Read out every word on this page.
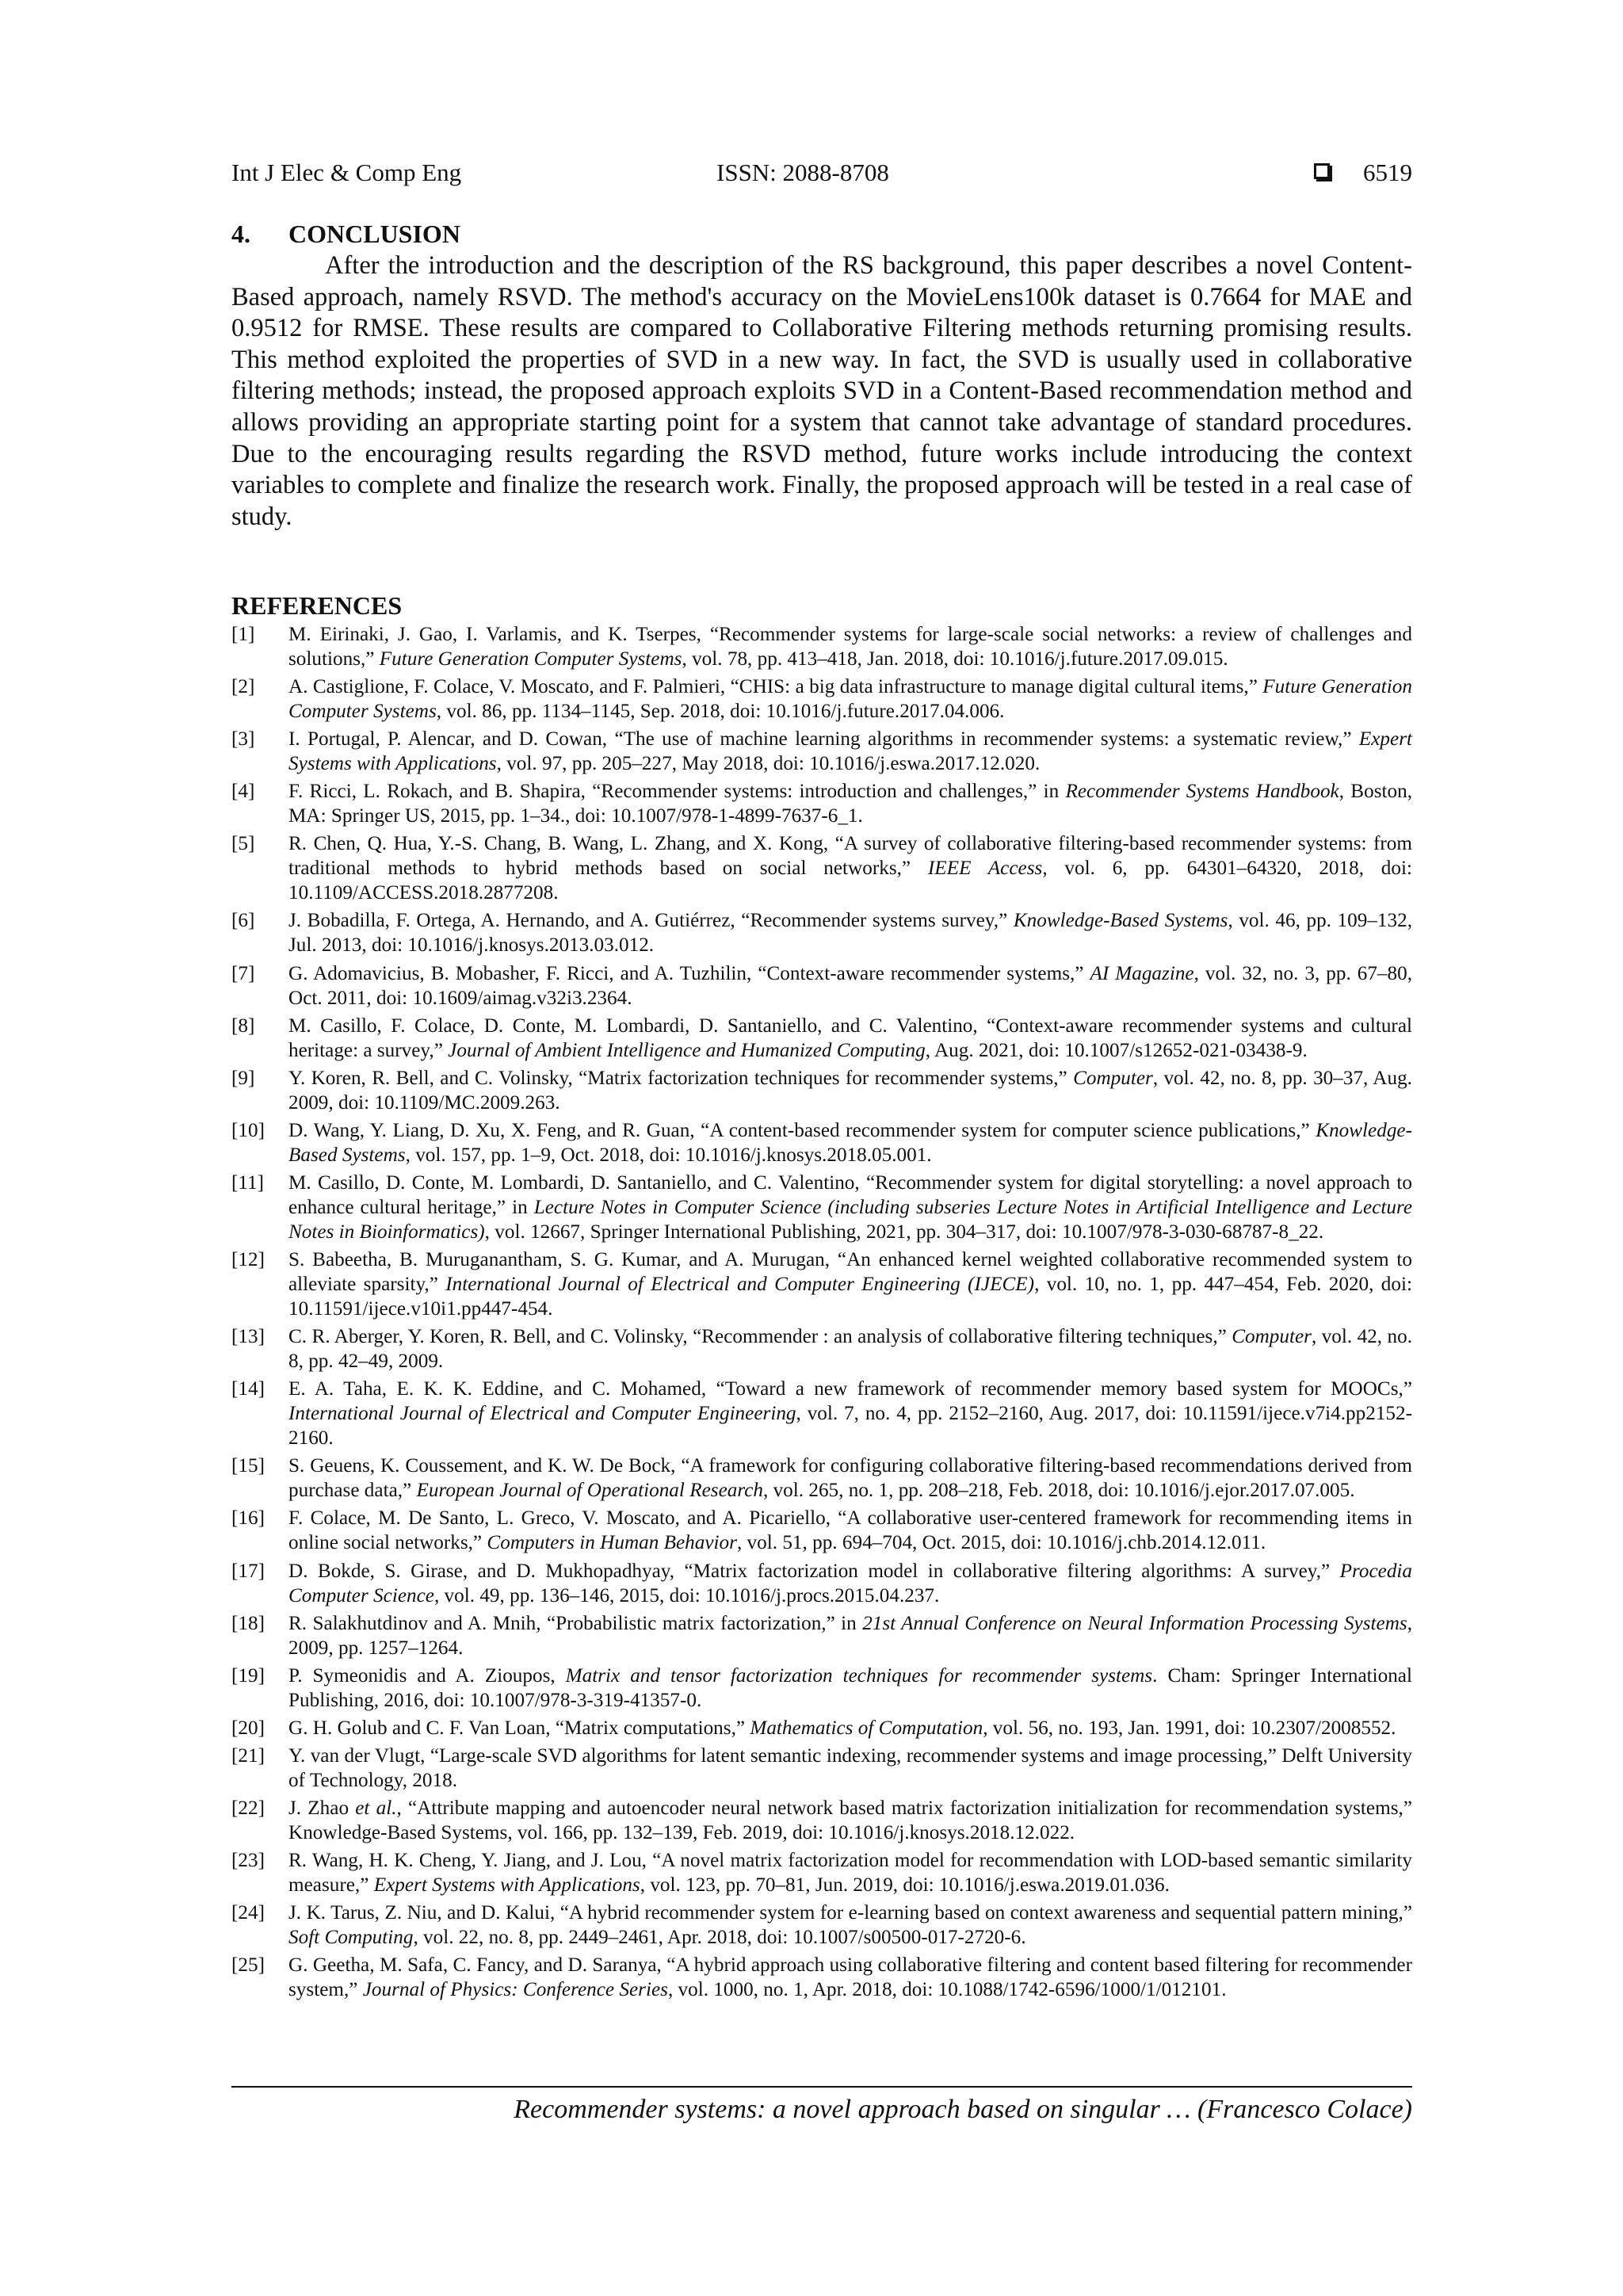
Int J Elec & Comp Eng	ISSN: 2088-8708	6519
4. CONCLUSION

After the introduction and the description of the RS background, this paper describes a novel Content-Based approach, namely RSVD. The method's accuracy on the MovieLens100k dataset is 0.7664 for MAE and 0.9512 for RMSE. These results are compared to Collaborative Filtering methods returning promising results. This method exploited the properties of SVD in a new way. In fact, the SVD is usually used in collaborative filtering methods; instead, the proposed approach exploits SVD in a Content-Based recommendation method and allows providing an appropriate starting point for a system that cannot take advantage of standard procedures. Due to the encouraging results regarding the RSVD method, future works include introducing the context variables to complete and finalize the research work. Finally, the proposed approach will be tested in a real case of study.

REFERENCES
[1]	M. Eirinaki, J. Gao, I. Varlamis, and K. Tserpes, “Recommender systems for large-scale social networks: a review of challenges and solutions,” Future Generation Computer Systems, vol. 78, pp. 413–418, Jan. 2018, doi: 10.1016/j.future.2017.09.015.
[2]	A. Castiglione, F. Colace, V. Moscato, and F. Palmieri, “CHIS: a big data infrastructure to manage digital cultural items,” Future Generation Computer Systems, vol. 86, pp. 1134–1145, Sep. 2018, doi: 10.1016/j.future.2017.04.006.
[3]	I. Portugal, P. Alencar, and D. Cowan, “The use of machine learning algorithms in recommender systems: a systematic review,” Expert Systems with Applications, vol. 97, pp. 205–227, May 2018, doi: 10.1016/j.eswa.2017.12.020.
[4]	F. Ricci, L. Rokach, and B. Shapira, “Recommender systems: introduction and challenges,” in Recommender Systems Handbook, Boston, MA: Springer US, 2015, pp. 1–34., doi: 10.1007/978-1-4899-7637-6_1.
[5]	R. Chen, Q. Hua, Y.-S. Chang, B. Wang, L. Zhang, and X. Kong, “A survey of collaborative filtering-based recommender systems: from traditional methods to hybrid methods based on social networks,” IEEE Access, vol. 6, pp. 64301–64320, 2018, doi: 10.1109/ACCESS.2018.2877208.
[6]	J. Bobadilla, F. Ortega, A. Hernando, and A. Gutiérrez, “Recommender systems survey,” Knowledge-Based Systems, vol. 46, pp. 109–132, Jul. 2013, doi: 10.1016/j.knosys.2013.03.012.
[7]	G. Adomavicius, B. Mobasher, F. Ricci, and A. Tuzhilin, “Context-aware recommender systems,” AI Magazine, vol. 32, no. 3, pp. 67–80, Oct. 2011, doi: 10.1609/aimag.v32i3.2364.
[8]	M. Casillo, F. Colace, D. Conte, M. Lombardi, D. Santaniello, and C. Valentino, “Context-aware recommender systems and cultural heritage: a survey,” Journal of Ambient Intelligence and Humanized Computing, Aug. 2021, doi: 10.1007/s12652-021-03438-9.
[9]	Y. Koren, R. Bell, and C. Volinsky, “Matrix factorization techniques for recommender systems,” Computer, vol. 42, no. 8, pp. 30–37, Aug. 2009, doi: 10.1109/MC.2009.263.
[10]	D. Wang, Y. Liang, D. Xu, X. Feng, and R. Guan, “A content-based recommender system for computer science publications,” Knowledge-Based Systems, vol. 157, pp. 1–9, Oct. 2018, doi: 10.1016/j.knosys.2018.05.001.
[11]	M. Casillo, D. Conte, M. Lombardi, D. Santaniello, and C. Valentino, “Recommender system for digital storytelling: a novel approach to enhance cultural heritage,” in Lecture Notes in Computer Science (including subseries Lecture Notes in Artificial Intelligence and Lecture Notes in Bioinformatics), vol. 12667, Springer International Publishing, 2021, pp. 304–317, doi: 10.1007/978-3-030-68787-8_22.
[12]	S. Babeetha, B. Muruganantham, S. G. Kumar, and A. Murugan, “An enhanced kernel weighted collaborative recommended system to alleviate sparsity,” International Journal of Electrical and Computer Engineering (IJECE), vol. 10, no. 1, pp. 447–454, Feb. 2020, doi: 10.11591/ijece.v10i1.pp447-454.
[13]	C. R. Aberger, Y. Koren, R. Bell, and C. Volinsky, “Recommender : an analysis of collaborative filtering techniques,” Computer, vol. 42, no. 8, pp. 42–49, 2009.
[14]	E. A. Taha, E. K. K. Eddine, and C. Mohamed, “Toward a new framework of recommender memory based system for MOOCs,” International Journal of Electrical and Computer Engineering, vol. 7, no. 4, pp. 2152–2160, Aug. 2017, doi: 10.11591/ijece.v7i4.pp2152-2160.
[15]	S. Geuens, K. Coussement, and K. W. De Bock, “A framework for configuring collaborative filtering-based recommendations derived from purchase data,” European Journal of Operational Research, vol. 265, no. 1, pp. 208–218, Feb. 2018, doi: 10.1016/j.ejor.2017.07.005.
[16]	F. Colace, M. De Santo, L. Greco, V. Moscato, and A. Picariello, “A collaborative user-centered framework for recommending items in online social networks,” Computers in Human Behavior, vol. 51, pp. 694–704, Oct. 2015, doi: 10.1016/j.chb.2014.12.011.
[17]	D. Bokde, S. Girase, and D. Mukhopadhyay, “Matrix factorization model in collaborative filtering algorithms: A survey,” Procedia Computer Science, vol. 49, pp. 136–146, 2015, doi: 10.1016/j.procs.2015.04.237.
[18]	R. Salakhutdinov and A. Mnih, “Probabilistic matrix factorization,” in 21st Annual Conference on Neural Information Processing Systems, 2009, pp. 1257–1264.
[19]	P. Symeonidis and A. Zioupos, Matrix and tensor factorization techniques for recommender systems. Cham: Springer International Publishing, 2016, doi: 10.1007/978-3-319-41357-0.
[20]	G. H. Golub and C. F. Van Loan, “Matrix computations,” Mathematics of Computation, vol. 56, no. 193, Jan. 1991, doi: 10.2307/2008552.
[21]	Y. van der Vlugt, “Large-scale SVD algorithms for latent semantic indexing, recommender systems and image processing,” Delft University of Technology, 2018.
[22]	J. Zhao et al., “Attribute mapping and autoencoder neural network based matrix factorization initialization for recommendation systems,” Knowledge-Based Systems, vol. 166, pp. 132–139, Feb. 2019, doi: 10.1016/j.knosys.2018.12.022.
[23]	R. Wang, H. K. Cheng, Y. Jiang, and J. Lou, “A novel matrix factorization model for recommendation with LOD-based semantic similarity measure,” Expert Systems with Applications, vol. 123, pp. 70–81, Jun. 2019, doi: 10.1016/j.eswa.2019.01.036.
[24]	J. K. Tarus, Z. Niu, and D. Kalui, “A hybrid recommender system for e-learning based on context awareness and sequential pattern mining,” Soft Computing, vol. 22, no. 8, pp. 2449–2461, Apr. 2018, doi: 10.1007/s00500-017-2720-6.
[25]	G. Geetha, M. Safa, C. Fancy, and D. Saranya, “A hybrid approach using collaborative filtering and content based filtering for recommender system,” Journal of Physics: Conference Series, vol. 1000, no. 1, Apr. 2018, doi: 10.1088/1742-6596/1000/1/012101.
Recommender systems: a novel approach based on singular … (Francesco Colace)
